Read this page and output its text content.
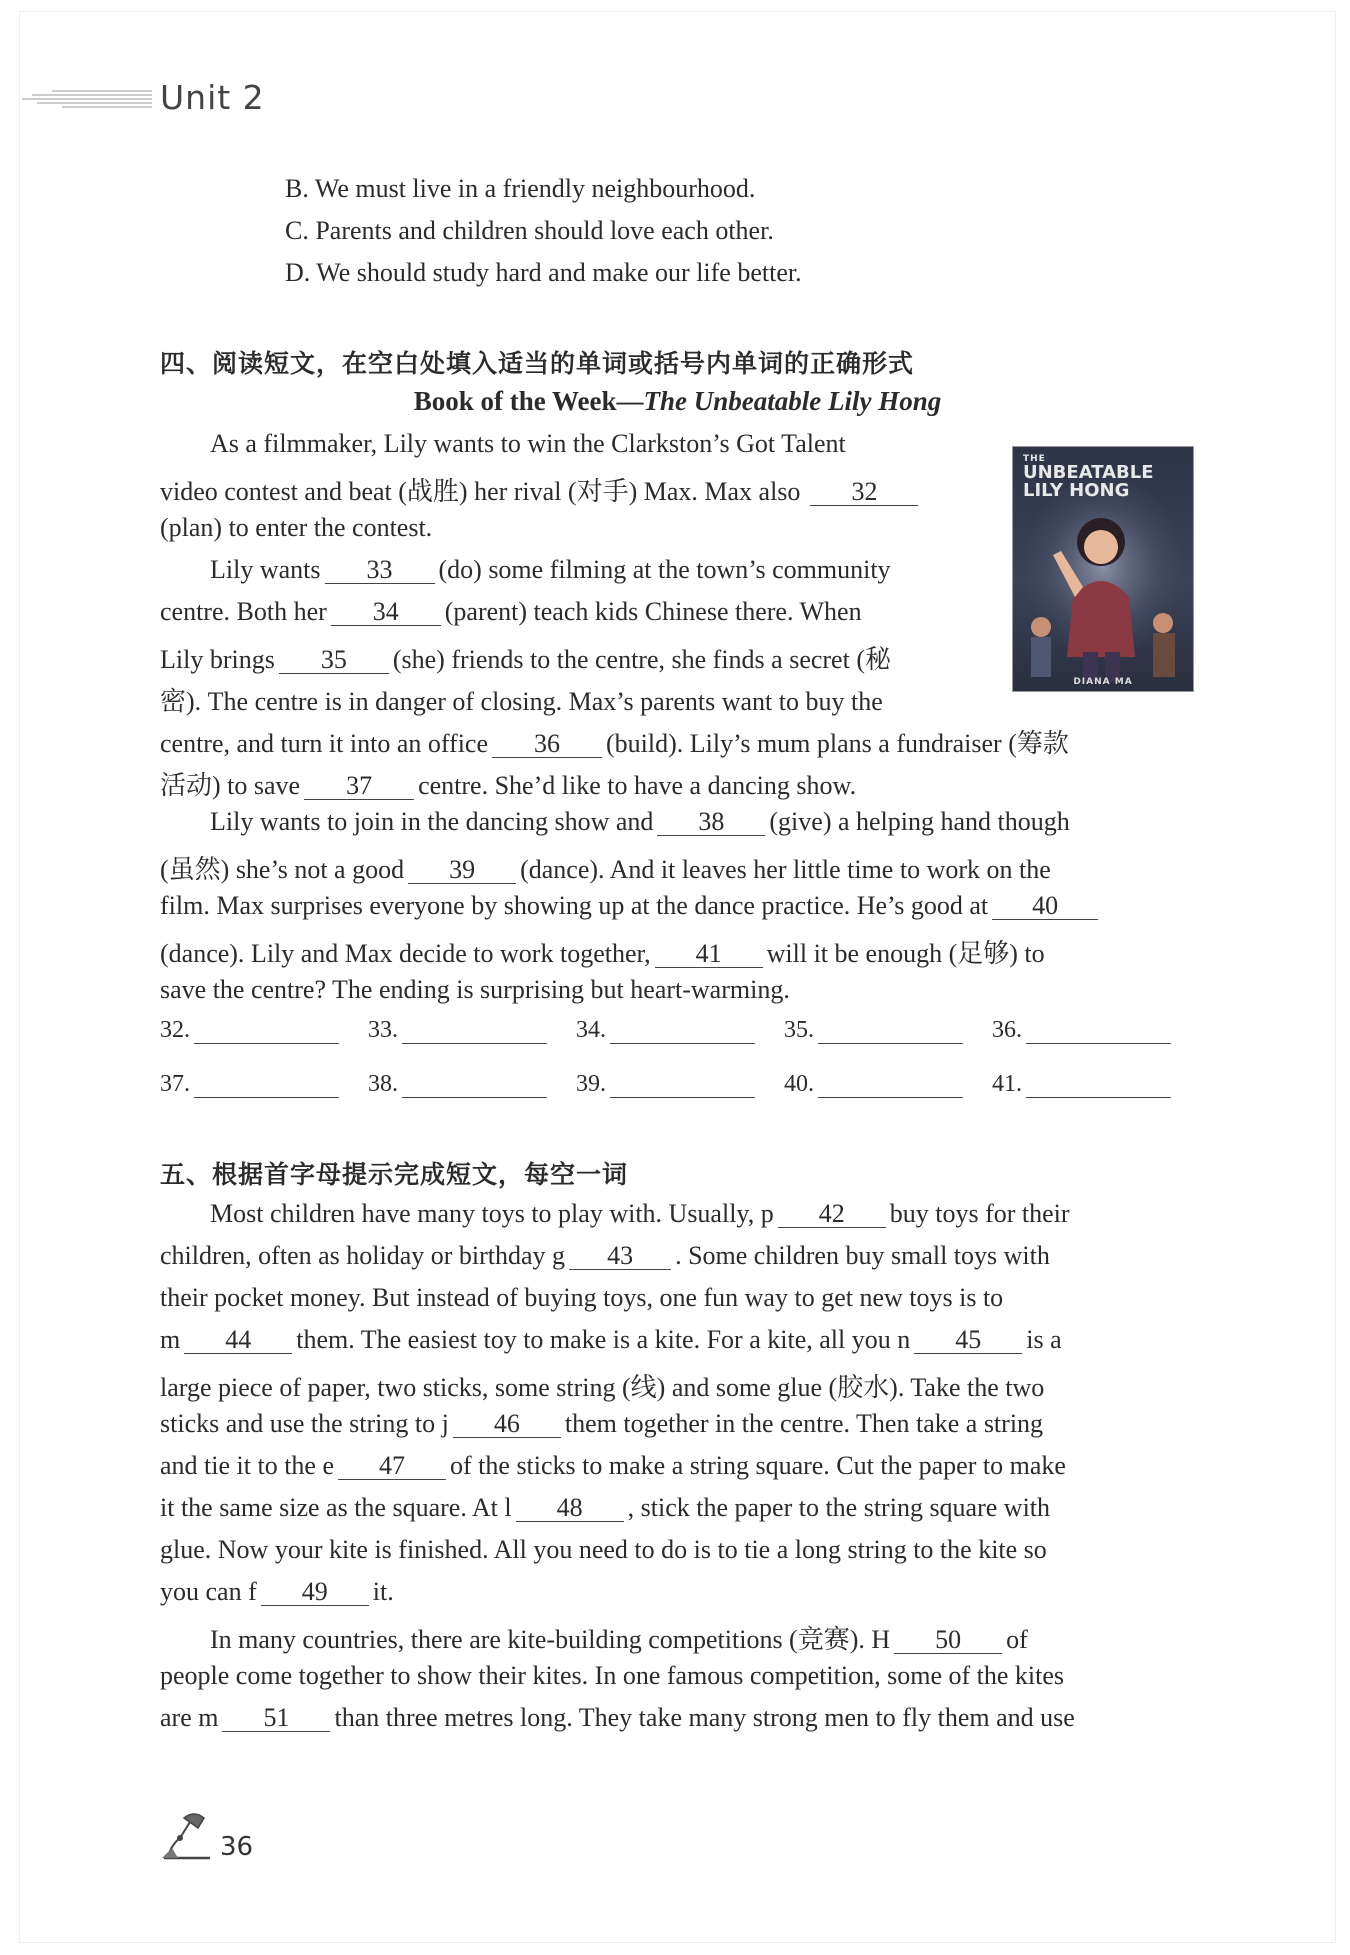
Unit 2
B. We must live in a friendly neighbourhood.
C. Parents and children should love each other.
D. We should study hard and make our life better.
四、阅读短文，在空白处填入适当的单词或括号内单词的正确形式
Book of the Week—The Unbeatable Lily Hong
THE
UNBEATABLE
LILY HONG
DIANA MA
As a filmmaker, Lily wants to win the Clarkston’s Got Talent
video contest and beat (战胜) her rival (对手) Max. Max also 32
(plan) to enter the contest.
Lily wants 33 (do) some filming at the town’s community
centre. Both her 34 (parent) teach kids Chinese there. When
Lily brings 35 (she) friends to the centre, she finds a secret (秘
密). The centre is in danger of closing. Max’s parents want to buy the
centre, and turn it into an office 36 (build). Lily’s mum plans a fundraiser (筹款
活动) to save 37 centre. She’d like to have a dancing show.
Lily wants to join in the dancing show and 38 (give) a helping hand though
(虽然) she’s not a good 39 (dance). And it leaves her little time to work on the
film. Max surprises everyone by showing up at the dance practice. He’s good at 40
(dance). Lily and Max decide to work together, 41 will it be enough (足够) to
save the centre? The ending is surprising but heart-warming.
32.	33.	34.	35.	36.
37.	38.	39.	40.	41.
五、根据首字母提示完成短文，每空一词
Most children have many toys to play with. Usually, p 42 buy toys for their
children, often as holiday or birthday g 43 . Some children buy small toys with
their pocket money. But instead of buying toys, one fun way to get new toys is to
m 44 them. The easiest toy to make is a kite. For a kite, all you n 45 is a
large piece of paper, two sticks, some string (线) and some glue (胶水). Take the two
sticks and use the string to j 46 them together in the centre. Then take a string
and tie it to the e 47 of the sticks to make a string square. Cut the paper to make
it the same size as the square. At l 48 , stick the paper to the string square with
glue. Now your kite is finished. All you need to do is to tie a long string to the kite so
you can f 49 it.
In many countries, there are kite-building competitions (竞赛). H 50 of
people come together to show their kites. In one famous competition, some of the kites
are m 51 than three metres long. They take many strong men to fly them and use
36
